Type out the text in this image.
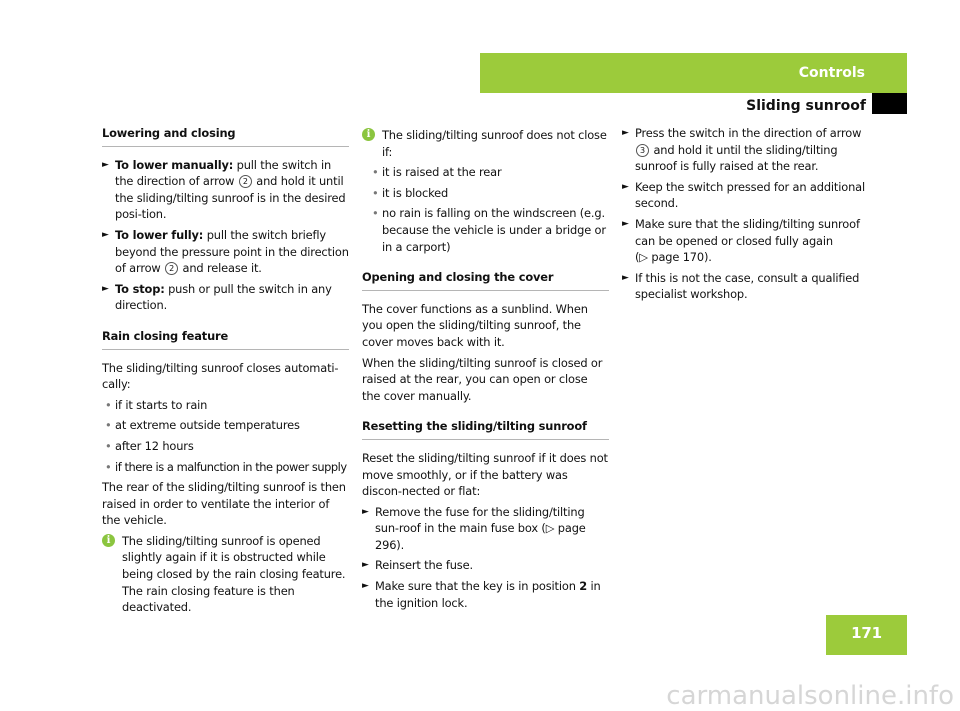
Controls
Sliding sunroof
Lowering and closing
► To lower manually: pull the switch in the direction of arrow 2 and hold it until the sliding/tilting sunroof is in the desired posi-tion.
► To lower fully: pull the switch briefly beyond the pressure point in the direction of arrow 2 and release it.
► To stop: push or pull the switch in any direction.
Rain closing feature
The sliding/tilting sunroof closes automati-cally:
• if it starts to rain
• at extreme outside temperatures
• after 12 hours
• if there is a malfunction in the power supply
The rear of the sliding/tilting sunroof is then raised in order to ventilate the interior of the vehicle.
i	The sliding/tilting sunroof is opened slightly again if it is obstructed while being closed by the rain closing feature. The rain closing feature is then deactivated.
i	The sliding/tilting sunroof does not close if:
• it is raised at the rear
• it is blocked
• no rain is falling on the windscreen (e.g. because the vehicle is under a bridge or in a carport)
Opening and closing the cover
The cover functions as a sunblind. When you open the sliding/tilting sunroof, the cover moves back with it.
When the sliding/tilting sunroof is closed or raised at the rear, you can open or close the cover manually.
Resetting the sliding/tilting sunroof
Reset the sliding/tilting sunroof if it does not move smoothly, or if the battery was discon-nected or flat:
► Remove the fuse for the sliding/tilting sun-roof in the main fuse box (▷ page 296).
► Reinsert the fuse.
► Make sure that the key is in position 2 in the ignition lock.
► Press the switch in the direction of arrow 3 and hold it until the sliding/tilting sunroof is fully raised at the rear.
► Keep the switch pressed for an additional second.
► Make sure that the sliding/tilting sunroof can be opened or closed fully again (▷ page 170).
► If this is not the case, consult a qualified specialist workshop.
171
carmanualsonline.info
